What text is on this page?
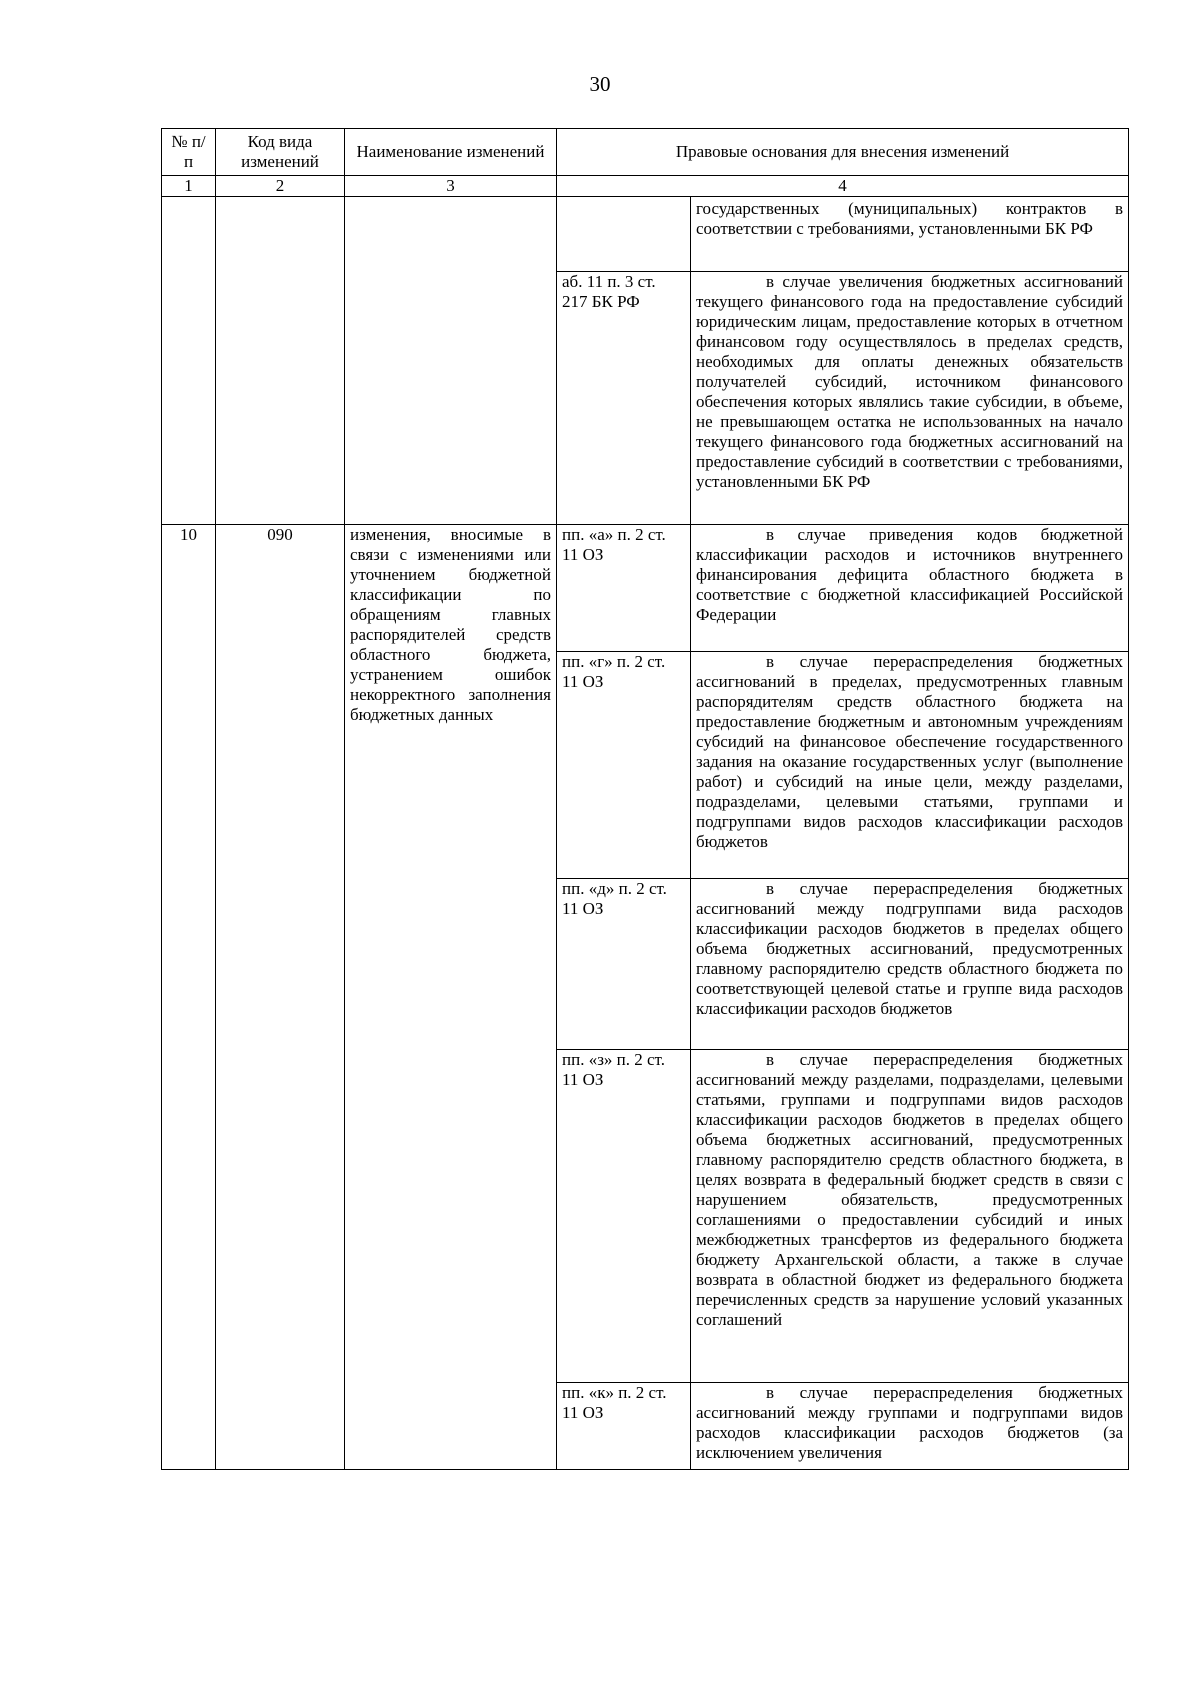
30
№ п/п	Код вида изменений	Наименование изменений	Правовые основания для внесения изменений	
1	2	3	4	
				государственных (муниципальных) контрактов в соответствии с требованиями, установленными БК РФ
			аб. 11 п. 3 ст. 217 БК РФ	в случае увеличения бюджетных ассигнований текущего финансового года на предоставление субсидий юридическим лицам, предоставление которых в отчетном финансовом году осуществлялось в пределах средств, необходимых для оплаты денежных обязательств получателей субсидий, источником финансового обеспечения которых являлись такие субсидии, в объеме, не превышающем остатка не использованных на начало текущего финансового года бюджетных ассигнований на предоставление субсидий в соответствии с требованиями, установленными БК РФ
10	090	изменения, вносимые в связи с изменениями или уточнением бюджетной классификации по обращениям главных распорядителей средств областного бюджета, устранением ошибок некорректного заполнения бюджетных данных	пп. «а» п. 2 ст. 11 ОЗ	в случае приведения кодов бюджетной классификации расходов и источников внутреннего финансирования дефицита областного бюджета в соответствие с бюджетной классификацией Российской Федерации
			пп. «г» п. 2 ст. 11 ОЗ	в случае перераспределения бюджетных ассигнований в пределах, предусмотренных главным распорядителям средств областного бюджета на предоставление бюджетным и автономным учреждениям субсидий на финансовое обеспечение государственного задания на оказание государственных услуг (выполнение работ) и субсидий на иные цели, между разделами, подразделами, целевыми статьями, группами и подгруппами видов расходов классификации расходов бюджетов
			пп. «д» п. 2 ст. 11 ОЗ	в случае перераспределения бюджетных ассигнований между подгруппами вида расходов классификации расходов бюджетов в пределах общего объема бюджетных ассигнований, предусмотренных главному распорядителю средств областного бюджета по соответствующей целевой статье и группе вида расходов классификации расходов бюджетов
			пп. «з» п. 2 ст. 11 ОЗ	в случае перераспределения бюджетных ассигнований между разделами, подразделами, целевыми статьями, группами и подгруппами видов расходов классификации расходов бюджетов в пределах общего объема бюджетных ассигнований, предусмотренных главному распорядителю средств областного бюджета, в целях возврата в федеральный бюджет средств в связи с нарушением обязательств, предусмотренных соглашениями о предоставлении субсидий и иных межбюджетных трансфертов из федерального бюджета бюджету Архангельской области, а также в случае возврата в областной бюджет из федерального бюджета перечисленных средств за нарушение условий указанных соглашений
			пп. «к» п. 2 ст. 11 ОЗ	в случае перераспределения бюджетных ассигнований между группами и подгруппами видов расходов классификации расходов бюджетов (за исключением увеличения
